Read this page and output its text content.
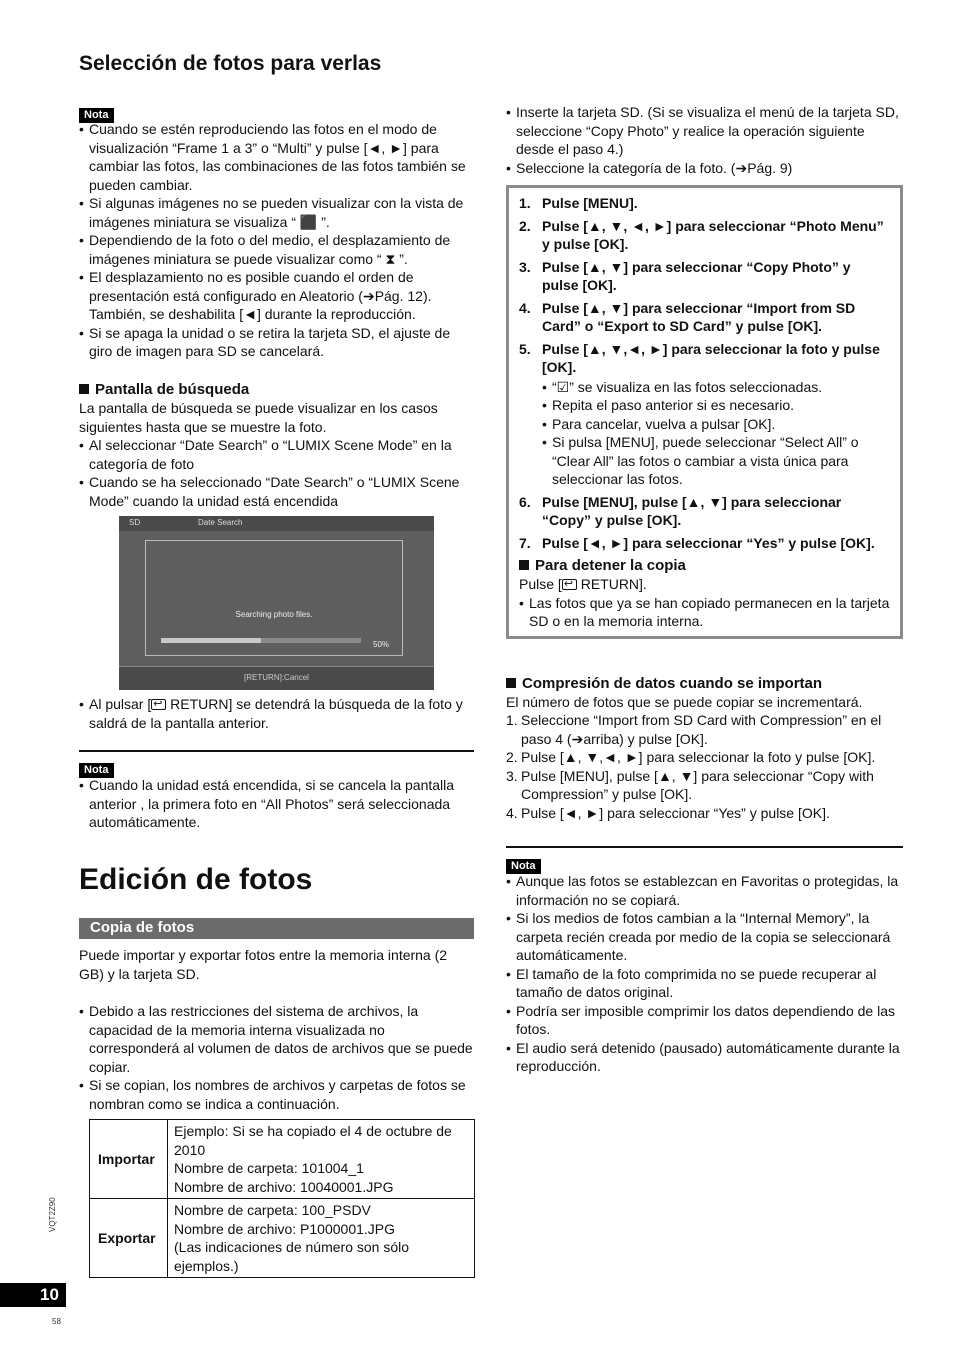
Selección de fotos para verlas
Nota
• Cuando se estén reproduciendo las fotos en el modo de visualización “Frame 1 a 3” o “Multi” y pulse [◄, ►] para cambiar las fotos, las combinaciones de las fotos también se pueden cambiar.
• Si algunas imágenes no se pueden visualizar con la vista de imágenes miniatura se visualiza “ ⬛ ”.
• Dependiendo de la foto o del medio, el desplazamiento de imágenes miniatura se puede visualizar como “ ⧗ ”.
• El desplazamiento no es posible cuando el orden de presentación está configurado en Aleatorio (➔Pág. 12). También, se deshabilita [◄] durante la reproducción.
• Si se apaga la unidad o se retira la tarjeta SD, el ajuste de giro de imagen para SD se cancelará.
Pantalla de búsqueda
La pantalla de búsqueda se puede visualizar en los casos siguientes hasta que se muestre la foto.
• Al seleccionar “Date Search” o “LUMIX Scene Mode” en la categoría de foto
• Cuando se ha seleccionado “Date Search” o “LUMIX Scene Mode” cuando la unidad está encendida
SD	Date Search
Searching photo files.
50%
[RETURN]:Cancel
• Al pulsar [↩ RETURN] se detendrá la búsqueda de la foto y saldrá de la pantalla anterior.
Nota
• Cuando la unidad está encendida, si se cancela la pantalla anterior , la primera foto en “All Photos” será seleccionada automáticamente.
Edición de fotos
Copia de fotos
Puede importar y exportar fotos entre la memoria interna (2 GB) y la tarjeta SD.
• Debido a las restricciones del sistema de archivos, la capacidad de la memoria interna visualizada no corresponderá al volumen de datos de archivos que se puede copiar.
• Si se copian, los nombres de archivos y carpetas de fotos se nombran como se indica a continuación.
Importar	Ejemplo: Si se ha copiado el 4 de octubre de 2010
Nombre de carpeta: 101004_1
Nombre de archivo: 10040001.JPG

Exportar	Nombre de carpeta: 100_PSDV
Nombre de archivo: P1000001.JPG
(Las indicaciones de número son sólo ejemplos.)
• Inserte la tarjeta SD. (Si se visualiza el menú de la tarjeta SD, seleccione “Copy Photo” y realice la operación siguiente desde el paso 4.)
• Seleccione la categoría de la foto. (➔Pág. 9)
1. Pulse [MENU].
2. Pulse [▲, ▼, ◄, ►] para seleccionar “Photo Menu” y pulse [OK].
3. Pulse [▲, ▼] para seleccionar “Copy Photo” y pulse [OK].
4. Pulse [▲, ▼] para seleccionar “Import from SD Card” o “Export to SD Card” y pulse [OK].
5. Pulse [▲, ▼,◄, ►] para seleccionar la foto y pulse [OK].
• “☑” se visualiza en las fotos seleccionadas.
• Repita el paso anterior si es necesario.
• Para cancelar, vuelva a pulsar [OK].
• Si pulsa [MENU], puede seleccionar “Select All” o “Clear All” las fotos o cambiar a vista única para seleccionar las fotos.
6. Pulse [MENU], pulse [▲, ▼] para seleccionar “Copy” y pulse [OK].
7. Pulse [◄, ►] para seleccionar “Yes” y pulse [OK].
Para detener la copia
Pulse [↩ RETURN].
• Las fotos que ya se han copiado permanecen en la tarjeta SD o en la memoria interna.
Compresión de datos cuando se importan
El número de fotos que se puede copiar se incrementará.
1. Seleccione “Import from SD Card with Compression” en el paso 4 (➔arriba) y pulse [OK].
2. Pulse [▲, ▼,◄, ►] para seleccionar la foto y pulse [OK].
3. Pulse [MENU], pulse [▲, ▼] para seleccionar “Copy with Compression” y pulse [OK].
4. Pulse [◄, ►] para seleccionar “Yes” y pulse [OK].
Nota
• Aunque las fotos se establezcan en Favoritas o protegidas, la información no se copiará.
• Si los medios de fotos cambian a la “Internal Memory”, la carpeta recién creada por medio de la copia se seleccionará automáticamente.
• El tamaño de la foto comprimida no se puede recuperar al tamaño de datos original.
• Podría ser imposible comprimir los datos dependiendo de las fotos.
• El audio será detenido (pausado) automáticamente durante la reproducción.
VQT2Z90
10
58
